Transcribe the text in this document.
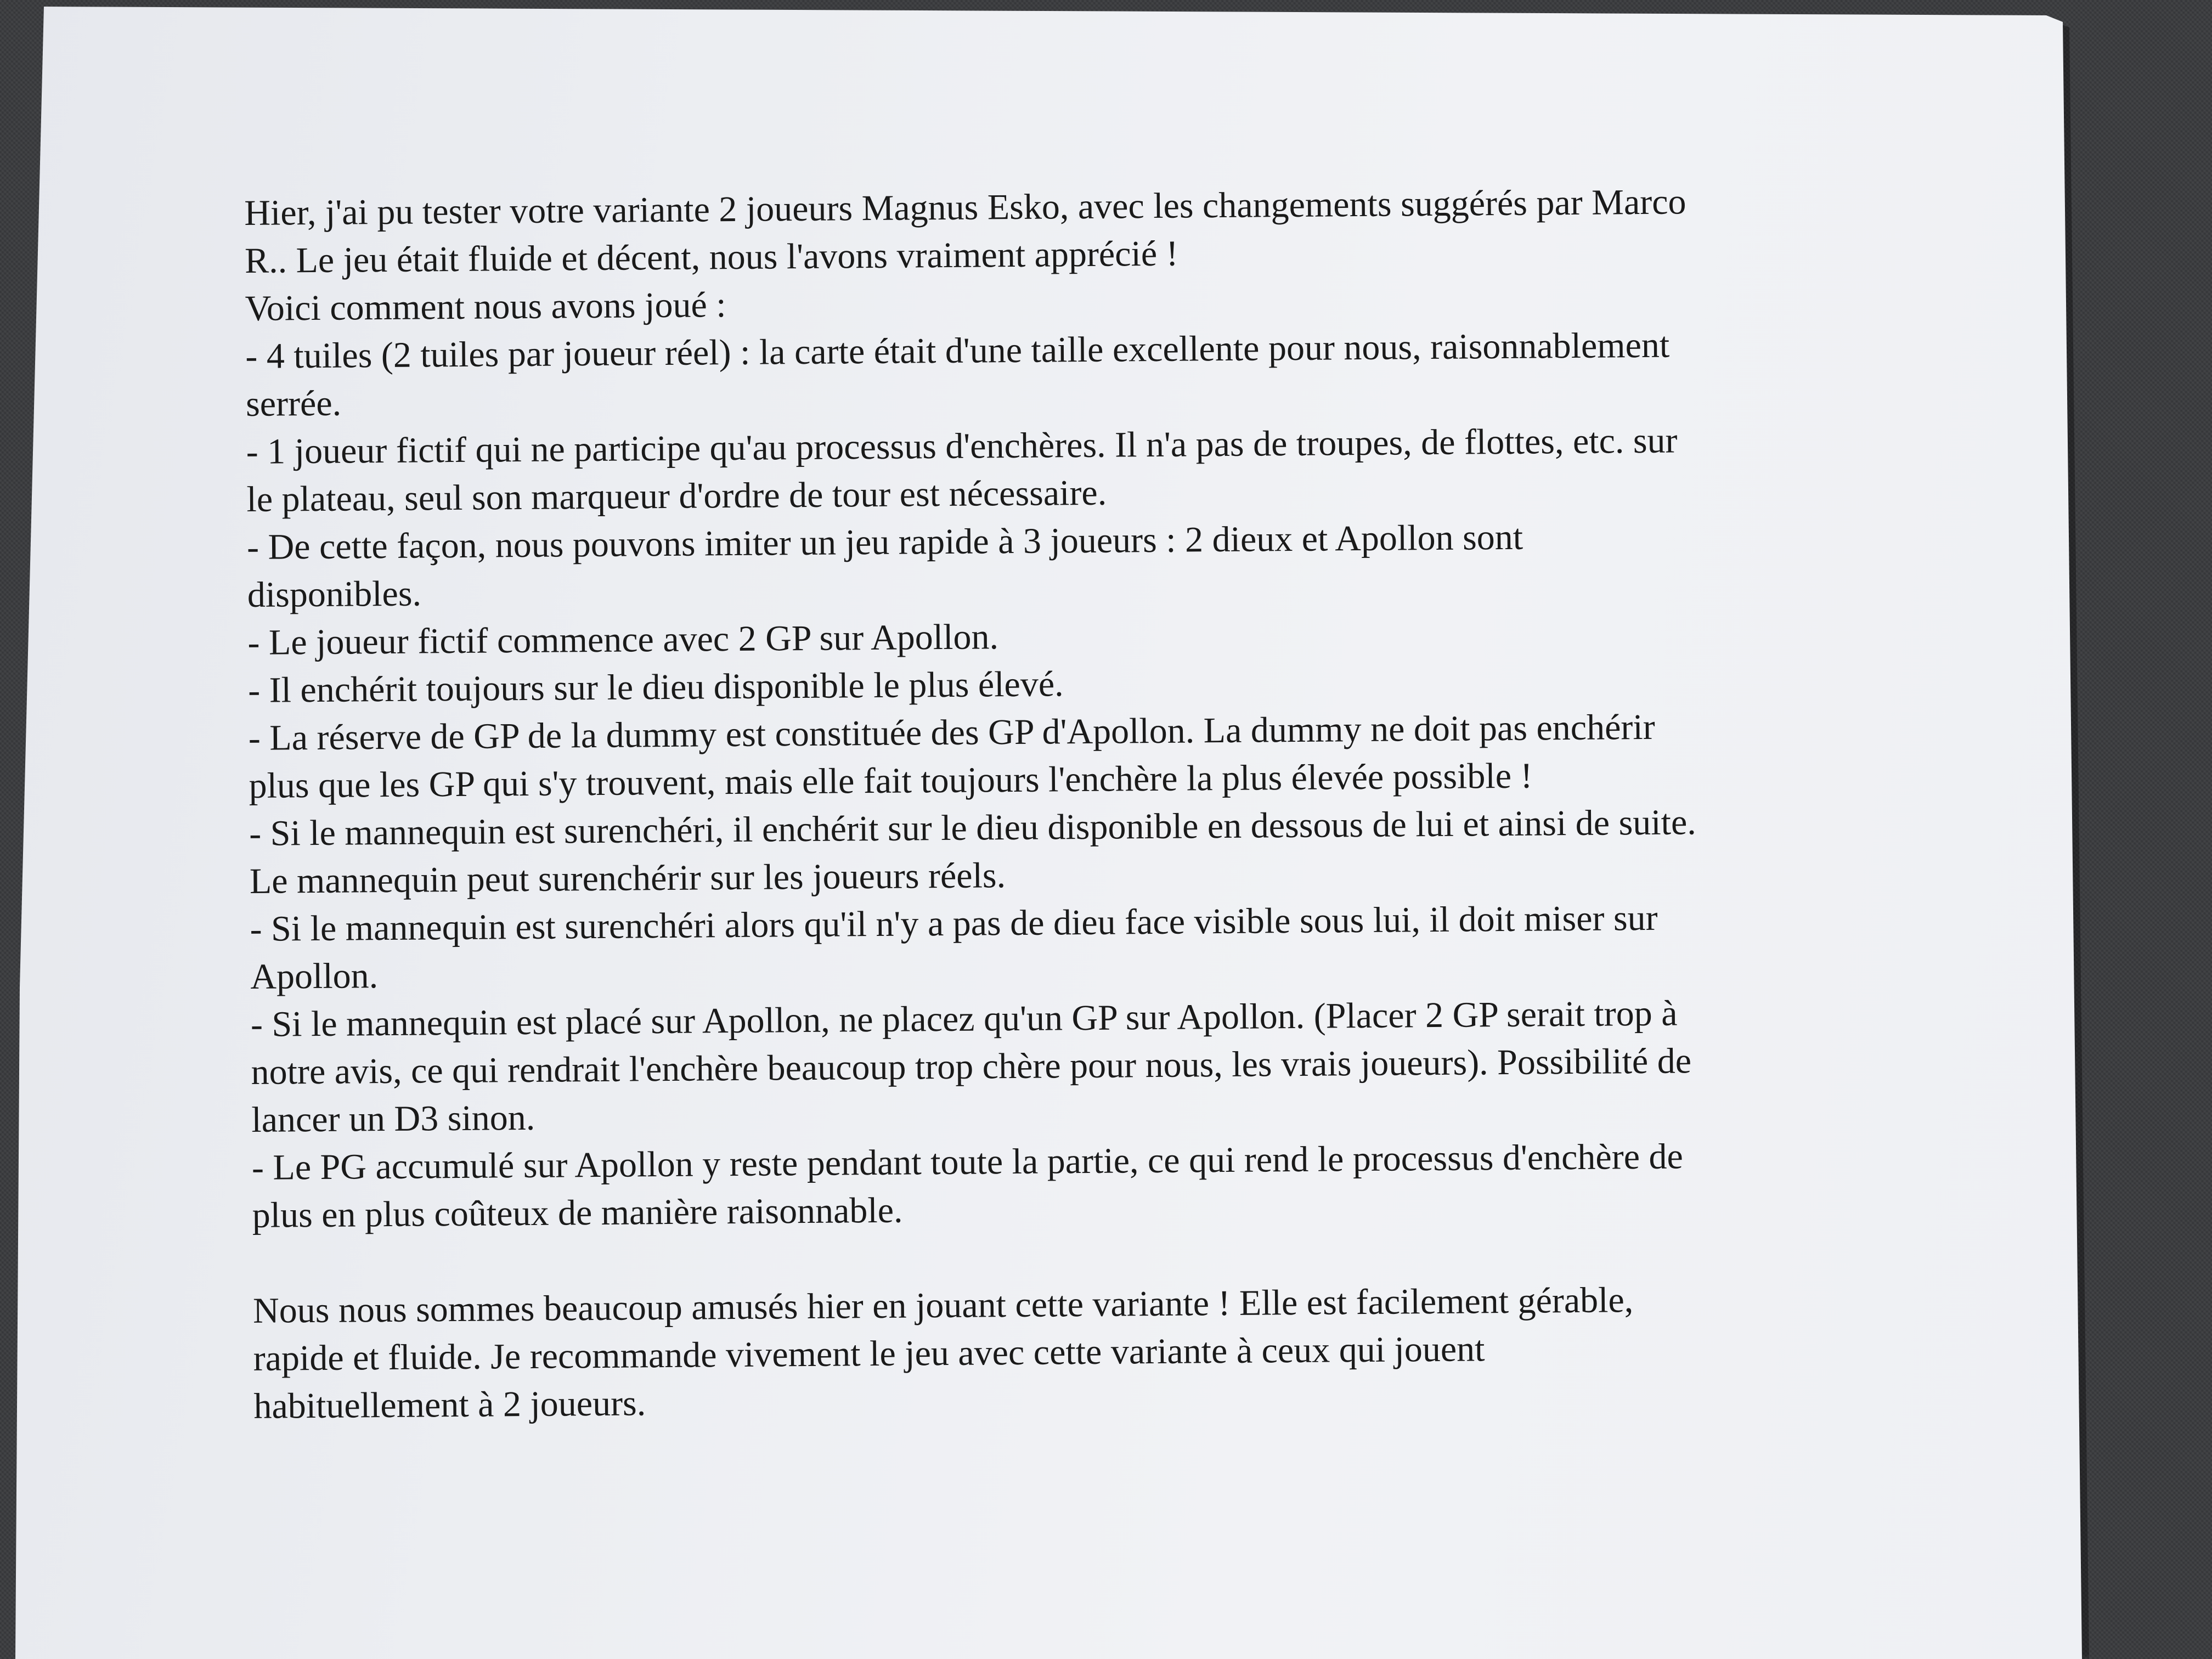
Hier, j'ai pu tester votre variante 2 joueurs Magnus Esko, avec les changements suggérés par Marco
R.. Le jeu était fluide et décent, nous l'avons vraiment apprécié !
Voici comment nous avons joué :
- 4 tuiles (2 tuiles par joueur réel) : la carte était d'une taille excellente pour nous, raisonnablement
serrée.
- 1 joueur fictif qui ne participe qu'au processus d'enchères. Il n'a pas de troupes, de flottes, etc. sur
le plateau, seul son marqueur d'ordre de tour est nécessaire.
- De cette façon, nous pouvons imiter un jeu rapide à 3 joueurs : 2 dieux et Apollon sont
disponibles.
- Le joueur fictif commence avec 2 GP sur Apollon.
- Il enchérit toujours sur le dieu disponible le plus élevé.
- La réserve de GP de la dummy est constituée des GP d'Apollon. La dummy ne doit pas enchérir
plus que les GP qui s'y trouvent, mais elle fait toujours l'enchère la plus élevée possible !
- Si le mannequin est surenchéri, il enchérit sur le dieu disponible en dessous de lui et ainsi de suite.
Le mannequin peut surenchérir sur les joueurs réels.
- Si le mannequin est surenchéri alors qu'il n'y a pas de dieu face visible sous lui, il doit miser sur
Apollon.
- Si le mannequin est placé sur Apollon, ne placez qu'un GP sur Apollon. (Placer 2 GP serait trop à
notre avis, ce qui rendrait l'enchère beaucoup trop chère pour nous, les vrais joueurs). Possibilité de
lancer un D3 sinon.
- Le PG accumulé sur Apollon y reste pendant toute la partie, ce qui rend le processus d'enchère de
plus en plus coûteux de manière raisonnable.
Nous nous sommes beaucoup amusés hier en jouant cette variante ! Elle est facilement gérable,
rapide et fluide. Je recommande vivement le jeu avec cette variante à ceux qui jouent
habituellement à 2 joueurs.
